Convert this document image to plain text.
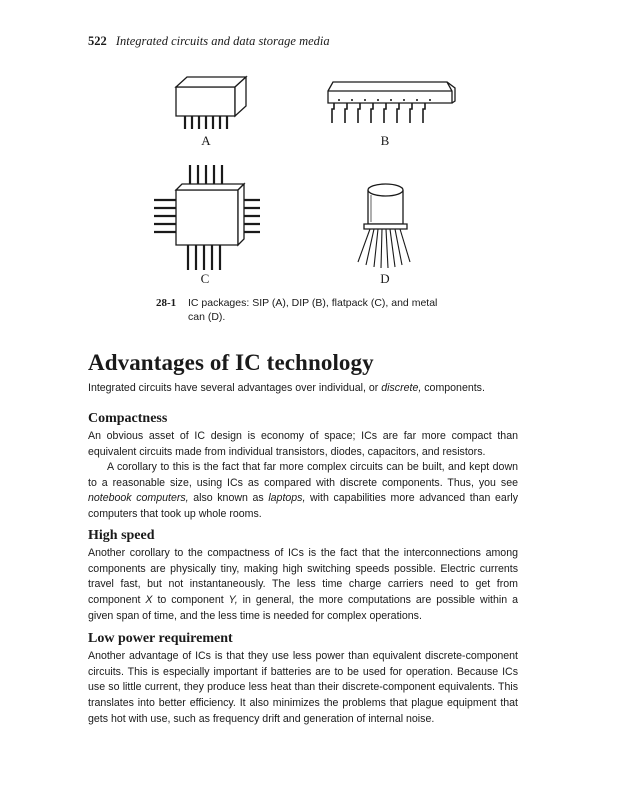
522 Integrated circuits and data storage media
A	B
C	D
28-1 IC packages: SIP (A), DIP (B), flatpack (C), and metal can (D).
Advantages of IC technology

Integrated circuits have several advantages over individual, or discrete, components.

Compactness

An obvious asset of IC design is economy of space; ICs are far more compact than equivalent circuits made from individual transistors, diodes, capacitors, and resistors.

A corollary to this is the fact that far more complex circuits can be built, and kept down to a reasonable size, using ICs as compared with discrete components. Thus, you see notebook computers, also known as laptops, with capabilities more advanced than early computers that took up whole rooms.

High speed

Another corollary to the compactness of ICs is the fact that the interconnections among components are physically tiny, making high switching speeds possible. Electric currents travel fast, but not instantaneously. The less time charge carriers need to get from component X to component Y, in general, the more computations are possible within a given span of time, and the less time is needed for complex operations.

Low power requirement

Another advantage of ICs is that they use less power than equivalent discrete-component circuits. This is especially important if batteries are to be used for operation. Because ICs use so little current, they produce less heat than their discrete-component equivalents. This translates into better efficiency. It also minimizes the problems that plague equipment that gets hot with use, such as frequency drift and generation of internal noise.
